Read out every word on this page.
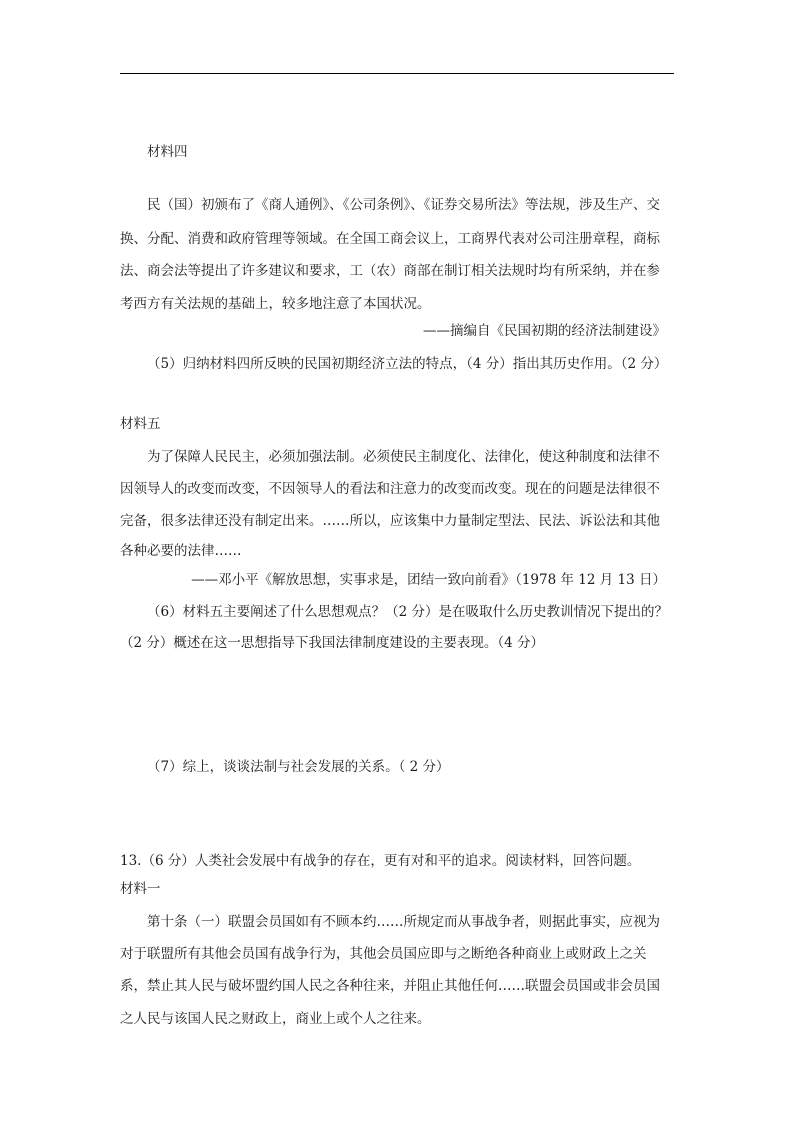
材料四
民（国）初颁布了《商人通例》、《公司条例》、《证券交易所法》等法规，涉及生产、交
换、分配、消费和政府管理等领域。在全国工商会议上，工商界代表对公司注册章程，商标
法、商会法等提出了许多建议和要求，工（农）商部在制订相关法规时均有所采纳，并在参
考西方有关法规的基础上，较多地注意了本国状况。
——摘编自《民国初期的经济法制建设》
（5）归纳材料四所反映的民国初期经济立法的特点，（4 分）指出其历史作用。（2 分）
材料五
为了保障人民民主，必须加强法制。必须使民主制度化、法律化，使这种制度和法律不
因领导人的改变而改变，不因领导人的看法和注意力的改变而改变。现在的问题是法律很不
完备，很多法律还没有制定出来。……所以，应该集中力量制定型法、民法、诉讼法和其他
各种必要的法律……
——邓小平《解放思想，实事求是，团结一致向前看》（1978 年 12 月 13 日）
（6）材料五主要阐述了什么思想观点？（2 分）是在吸取什么历史教训情况下提出的？
（2 分）概述在这一思想指导下我国法律制度建设的主要表现。（4 分）
（7）综上，谈谈法制与社会发展的关系。（ 2 分）
13.（6 分）人类社会发展中有战争的存在，更有对和平的追求。阅读材料，回答问题。
材料一
第十条（一）联盟会员国如有不顾本约……所规定而从事战争者，则据此事实，应视为
对于联盟所有其他会员国有战争行为，其他会员国应即与之断绝各种商业上或财政上之关
系，禁止其人民与破坏盟约国人民之各种往来，并阻止其他任何……联盟会员国或非会员国
之人民与该国人民之财政上，商业上或个人之往来。
